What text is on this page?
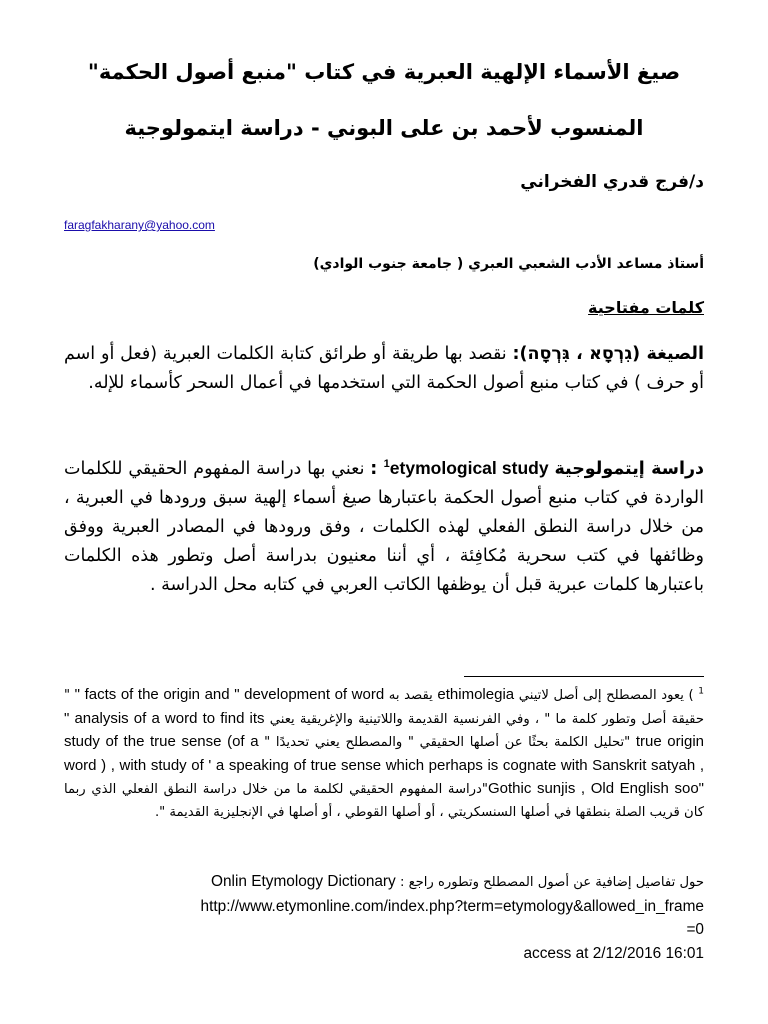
صيغ الأسماء الإلهية العبرية في كتاب "منبع أصول الحكمة"
المنسوب لأحمد بن على البوني - دراسة ايتمولوجية

د/فرج قدري الفخراني

faragfakharany@yahoo.com

أستاذ مساعد الأدب الشعبي العبري ( جامعة جنوب الوادي)

كلمات مفتاحية

الصيغة (גִרְסָא ، גִּרְסָה): نقصد بها طريقة أو طرائق كتابة الكلمات العبرية (فعل أو اسم أو حرف ) في كتاب منبع أصول الحكمة التي استخدمها في أعمال السحر كأسماء للإله.

دراسة إيتمولوجية $^1$etymological study : نعني بها دراسة المفهوم الحقيقي للكلمات الواردة في كتاب منبع أصول الحكمة باعتبارها صيغ أسماء إلهية سبق ورودها في العبرية ، من خلال دراسة النطق الفعلي لهذه الكلمات ، وفق ورودها في المصادر العبرية ووفق وظائفها في كتب سحرية مُكافِئة ، أي أننا معنيون بدراسة أصل وتطور هذه الكلمات باعتبارها كلمات عبرية قبل أن يوظفها الكاتب العربي في كتابه محل الدراسة .

$^1$ ) يعود المصطلح إلى أصل لاتيني ethimolegia يقصد به " facts of the origin and " development of word " حقيقة أصل وتطور كلمة ما " ، وفي الفرنسية القديمة واللاتينية والإغريقية يعني " analysis of a word to find its true origin "تحليل الكلمة بحثًا عن أصلها الحقيقي " والمصطلح يعني تحديدًا " study of the true sense (of a word ) , with study of ' a speaking of true sense which perhaps is cognate with Sanskrit satyah , Gothic sunjis , Old English soo""دراسة المفهوم الحقيقي لكلمة ما من خلال دراسة النطق الفعلي الذي ربما كان قريب الصلة بنطقها في أصلها السنسكريتي ، أو أصلها القوطي ، أو أصلها في الإنجليزية القديمة ".

حول تفاصيل إضافية عن أصول المصطلح وتطوره راجع : Onlin Etymology Dictionary
http://www.etymonline.com/index.php?term=etymology&allowed_in_frame
=0
access at 2/12/2016 16:01
